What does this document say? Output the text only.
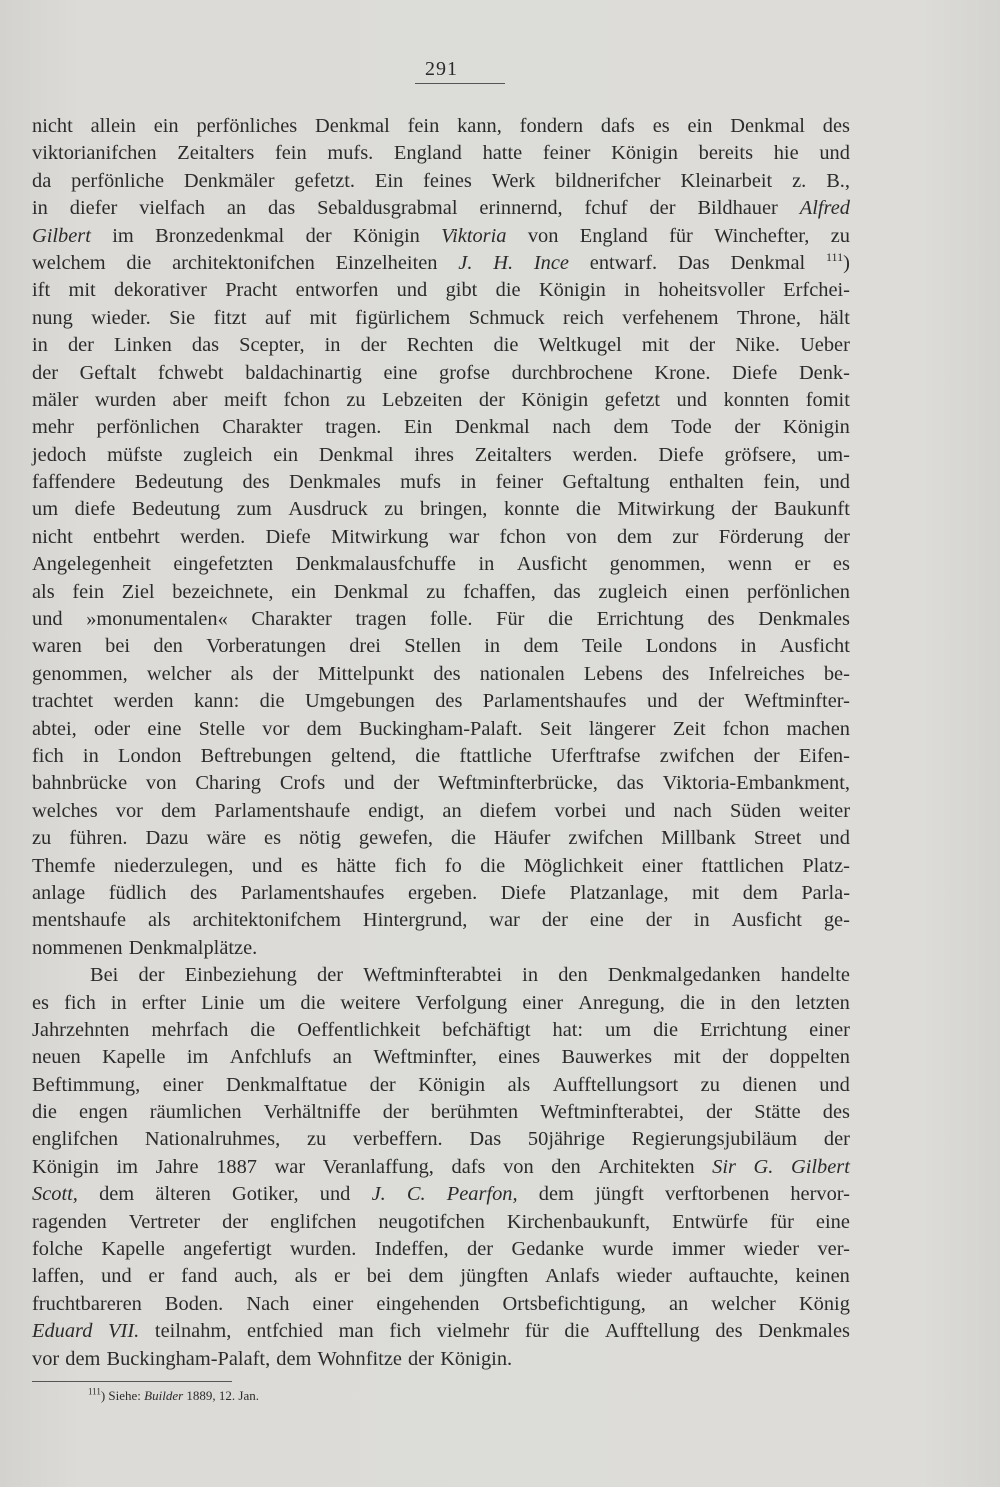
291
nicht allein ein perfönliches Denkmal fein kann, fondern dafs es ein Denkmal des
viktorianifchen Zeitalters fein mufs. England hatte feiner Königin bereits hie und
da perfönliche Denkmäler gefetzt. Ein feines Werk bildnerifcher Kleinarbeit z. B.,
in diefer vielfach an das Sebaldusgrabmal erinnernd, fchuf der Bildhauer Alfred
Gilbert im Bronzedenkmal der Königin Viktoria von England für Winchefter, zu
welchem die architektonifchen Einzelheiten J. H. Ince entwarf. Das Denkmal $^{111}$)
ift mit dekorativer Pracht entworfen und gibt die Königin in hoheitsvoller Erfchei-
nung wieder. Sie fitzt auf mit figürlichem Schmuck reich verfehenem Throne, hält
in der Linken das Scepter, in der Rechten die Weltkugel mit der Nike. Ueber
der Geftalt fchwebt baldachinartig eine grofse durchbrochene Krone. Diefe Denk-
mäler wurden aber meift fchon zu Lebzeiten der Königin gefetzt und konnten fomit
mehr perfönlichen Charakter tragen. Ein Denkmal nach dem Tode der Königin
jedoch müfste zugleich ein Denkmal ihres Zeitalters werden. Diefe gröfsere, um-
faffendere Bedeutung des Denkmales mufs in feiner Geftaltung enthalten fein, und
um diefe Bedeutung zum Ausdruck zu bringen, konnte die Mitwirkung der Baukunft
nicht entbehrt werden. Diefe Mitwirkung war fchon von dem zur Förderung der
Angelegenheit eingefetzten Denkmalausfchuffe in Ausficht genommen, wenn er es
als fein Ziel bezeichnete, ein Denkmal zu fchaffen, das zugleich einen perfönlichen
und »monumentalen« Charakter tragen folle. Für die Errichtung des Denkmales
waren bei den Vorberatungen drei Stellen in dem Teile Londons in Ausficht
genommen, welcher als der Mittelpunkt des nationalen Lebens des Infelreiches be-
trachtet werden kann: die Umgebungen des Parlamentshaufes und der Weftminfter-
abtei, oder eine Stelle vor dem Buckingham-Palaft. Seit längerer Zeit fchon machen
fich in London Beftrebungen geltend, die ftattliche Uferftrafse zwifchen der Eifen-
bahnbrücke von Charing Crofs und der Weftminfterbrücke, das Viktoria-Embankment,
welches vor dem Parlamentshaufe endigt, an diefem vorbei und nach Süden weiter
zu führen. Dazu wäre es nötig gewefen, die Häufer zwifchen Millbank Street und
Themfe niederzulegen, und es hätte fich fo die Möglichkeit einer ftattlichen Platz-
anlage füdlich des Parlamentshaufes ergeben. Diefe Platzanlage, mit dem Parla-
mentshaufe als architektonifchem Hintergrund, war der eine der in Ausficht ge-
nommenen Denkmalplätze.
Bei der Einbeziehung der Weftminfterabtei in den Denkmalgedanken handelte
es fich in erfter Linie um die weitere Verfolgung einer Anregung, die in den letzten
Jahrzehnten mehrfach die Oeffentlichkeit befchäftigt hat: um die Errichtung einer
neuen Kapelle im Anfchlufs an Weftminfter, eines Bauwerkes mit der doppelten
Beftimmung, einer Denkmalftatue der Königin als Aufftellungsort zu dienen und
die engen räumlichen Verhältniffe der berühmten Weftminfterabtei, der Stätte des
englifchen Nationalruhmes, zu verbeffern. Das 50jährige Regierungsjubiläum der
Königin im Jahre 1887 war Veranlaffung, dafs von den Architekten Sir G. Gilbert
Scott, dem älteren Gotiker, und J. C. Pearfon, dem jüngft verftorbenen hervor-
ragenden Vertreter der englifchen neugotifchen Kirchenbaukunft, Entwürfe für eine
folche Kapelle angefertigt wurden. Indeffen, der Gedanke wurde immer wieder ver-
laffen, und er fand auch, als er bei dem jüngften Anlafs wieder auftauchte, keinen
fruchtbareren Boden. Nach einer eingehenden Ortsbefichtigung, an welcher König
Eduard VII. teilnahm, entfchied man fich vielmehr für die Aufftellung des Denkmales
vor dem Buckingham-Palaft, dem Wohnfitze der Königin.
$^{111}$) Siehe: Builder 1889, 12. Jan.
